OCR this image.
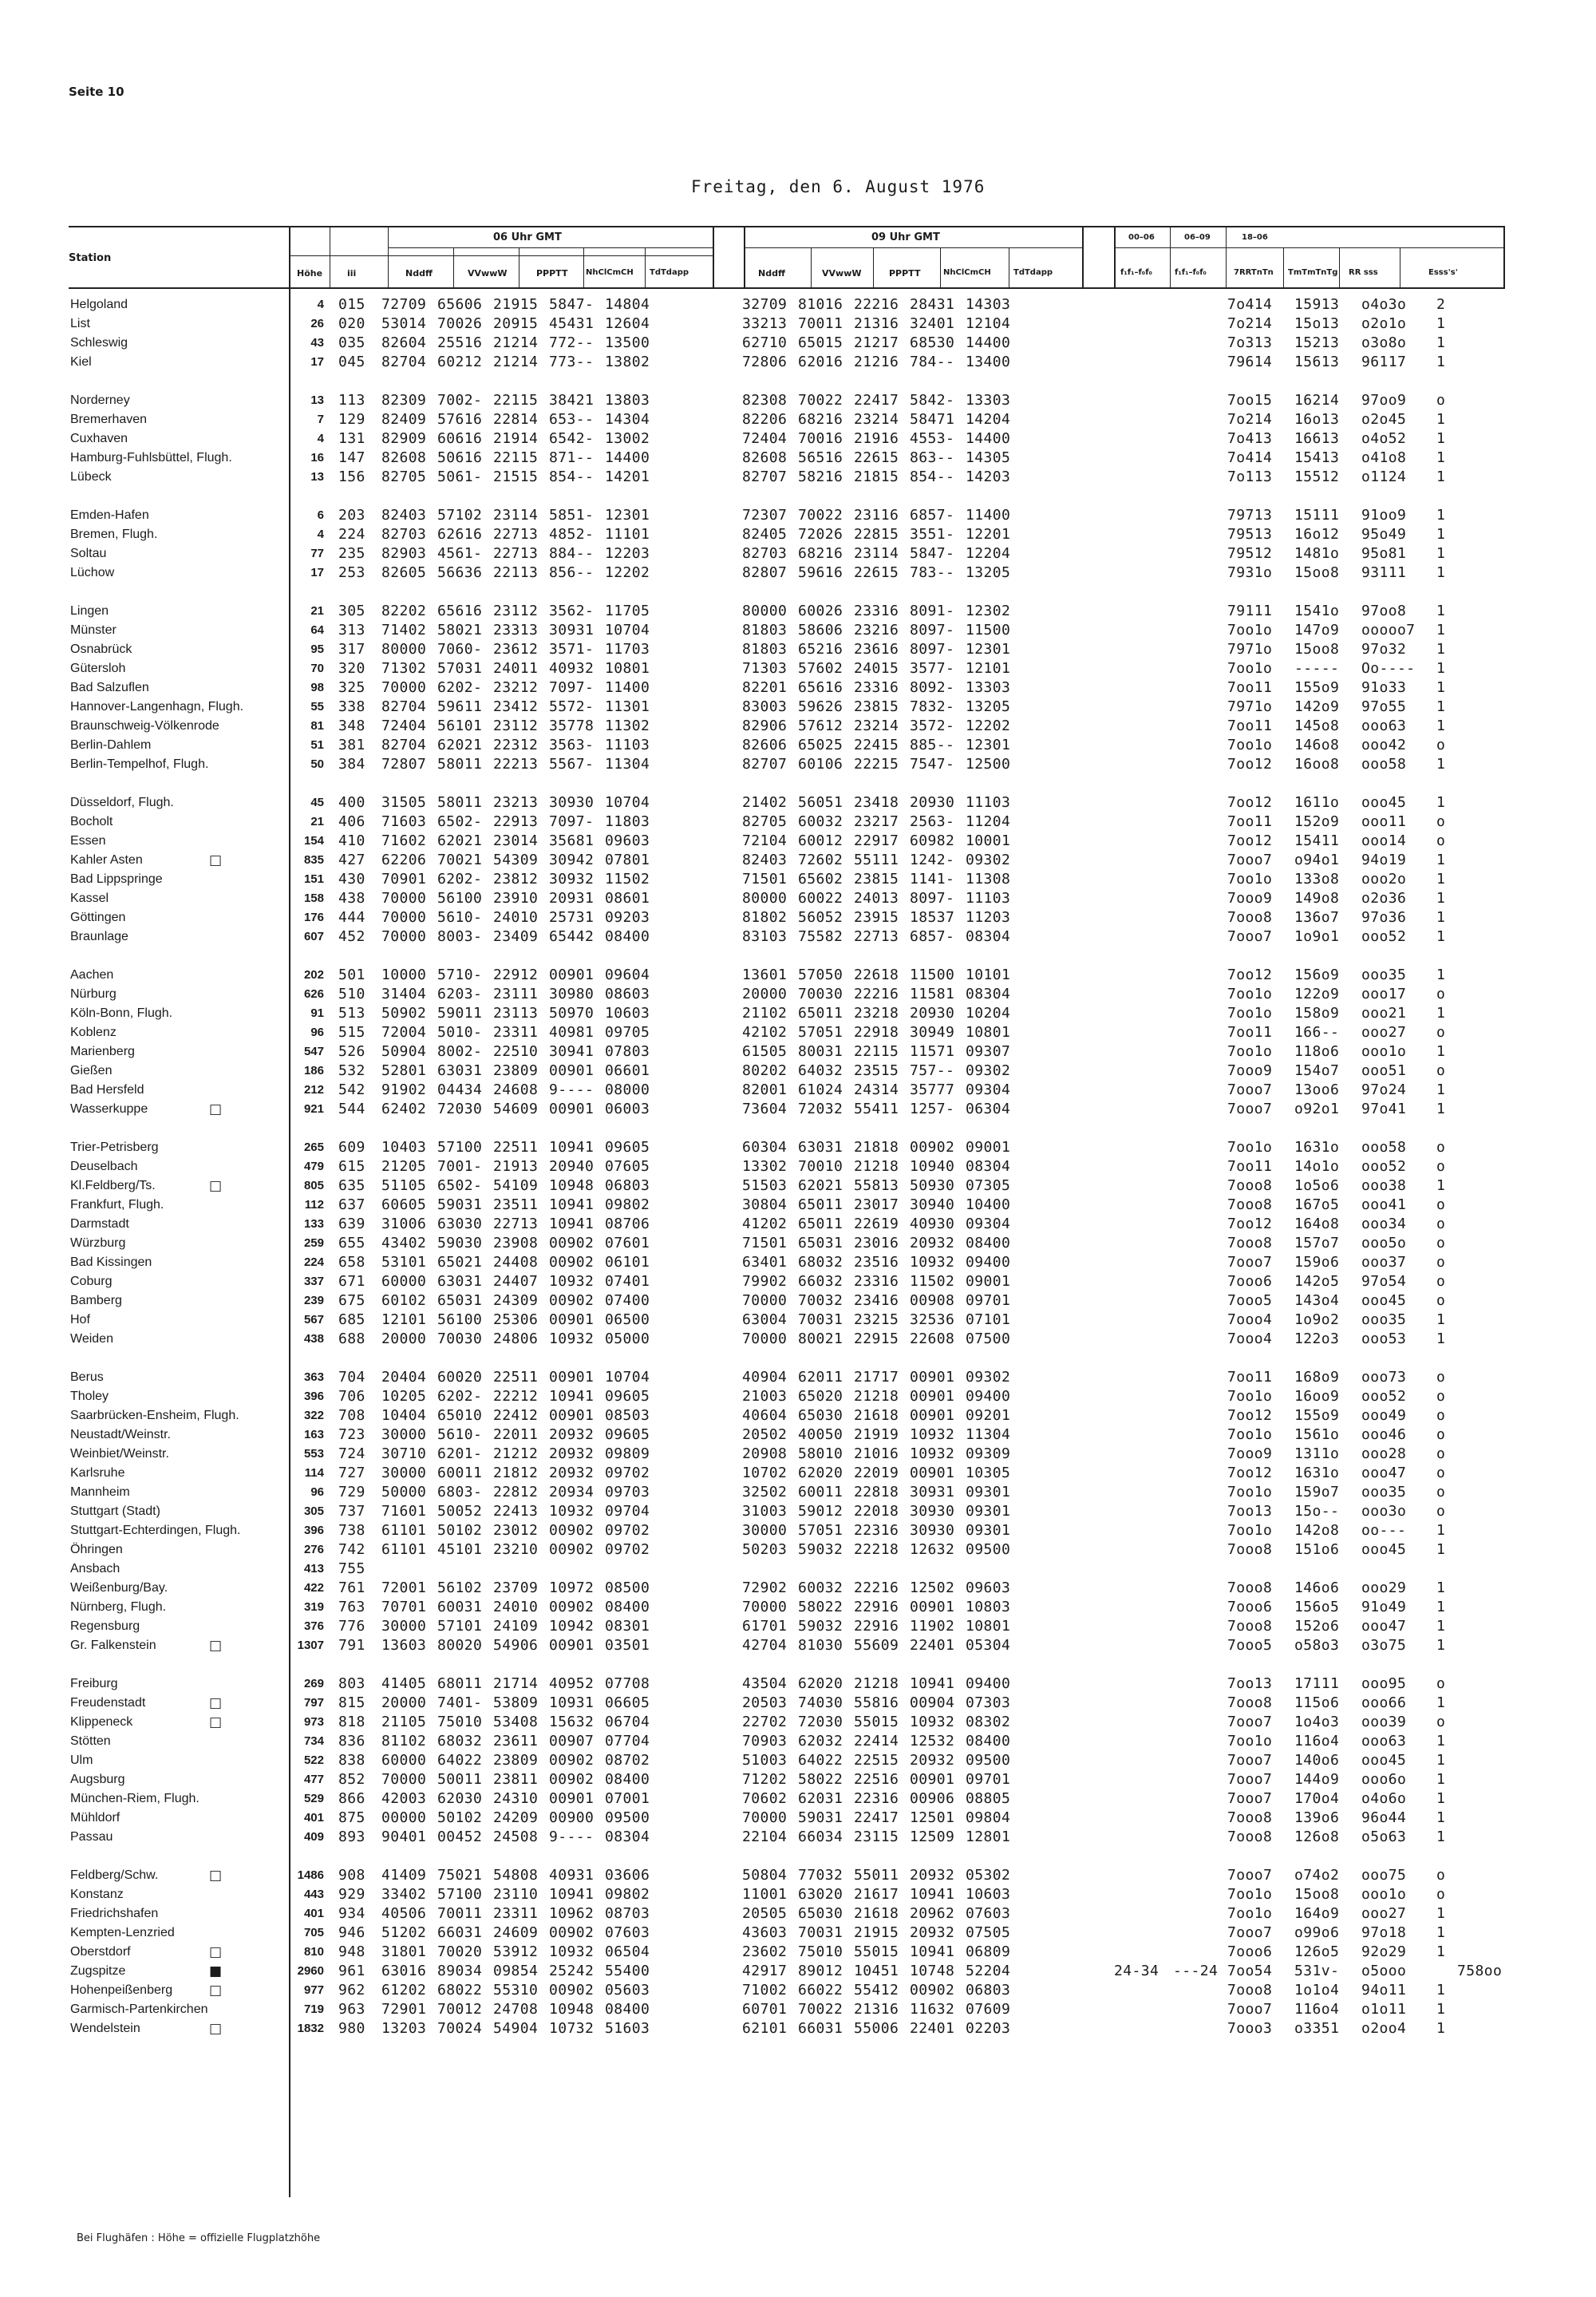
Seite 10
Freitag, den 6. August 1976
Station
Höhe	iii
06 Uhr GMT
Nddff	VVwwW	PPPTT NhClCmCH TdTdapp
09 Uhr GMT
Nddff	VVwwW	PPPTT	NhClCmCH	TdTdapp
00–06	06–09	18–06
f₁f₁–f₀f₀	f₁f₁–f₀f₀	7RRTnTn TmTmTnTg RR sss	Esss's'
Helgoland	4 015 72709 65606 21915 5847- 14804	32709 81016 22216 28431 14303	7o414 15913 o4o3o 2
List	26 020 53014 70026 20915 45431 12604	33213 70011 21316 32401 12104	7o214 15o13 o2o1o 1
Schleswig	43 035 82604 25516 21214 772-- 13500	62710 65015 21217 68530 14400	7o313 15213 o3o8o 1
Kiel	17 045 82704 60212 21214 773-- 13802	72806 62016 21216 784-- 13400	79614 15613 96117 1
Norderney	13 113 82309 7002- 22115 38421 13803	82308 70022 22417 5842- 13303	7oo15 16214 97oo9 o
Bremerhaven	7 129 82409 57616 22814 653-- 14304	82206 68216 23214 58471 14204	7o214 16o13 o2o45 1
Cuxhaven	4 131 82909 60616 21914 6542- 13002	72404 70016 21916 4553- 14400	7o413 16613 o4o52 1
Hamburg-Fuhlsbüttel, Flugh.	16 147 82608 50616 22115 871-- 14400	82608 56516 22615 863-- 14305	7o414 15413 o41o8 1
Lübeck	13 156 82705 5061- 21515 854-- 14201	82707 58216 21815 854-- 14203	7o113 15512 o1124 1
Emden-Hafen	6 203 82403 57102 23114 5851- 12301	72307 70022 23116 6857- 11400	79713 15111 91oo9 1
Bremen, Flugh.	4 224 82703 62616 22713 4852- 11101	82405 72026 22815 3551- 12201	79513 16o12 95o49 1
Soltau	77 235 82903 4561- 22713 884-- 12203	82703 68216 23114 5847- 12204	79512 1481o 95o81 1
Lüchow	17 253 82605 56636 22113 856-- 12202	82807 59616 22615 783-- 13205	7931o 15oo8 93111 1
Lingen	21 305 82202 65616 23112 3562- 11705	80000 60026 23316 8091- 12302	79111 1541o 97oo8 1
Münster	64 313 71402 58021 23313 30931 10704	81803 58606 23216 8097- 11500	7oo1o 147o9 ooooo7 1
Osnabrück	95 317 80000 7060- 23612 3571- 11703	81803 65216 23616 8097- 12301	7971o 15oo8 97o32 1
Gütersloh	70 320 71302 57031 24011 40932 10801	71303 57602 24015 3577- 12101	7oo1o ----- Oo---- 1
Bad Salzuflen	98 325 70000 6202- 23212 7097- 11400	82201 65616 23316 8092- 13303	7oo11 155o9 91o33 1
Hannover-Langenhagn, Flugh.	55 338 82704 59611 23412 5572- 11301	83003 59626 23815 7832- 13205	7971o 142o9 97o55 1
Braunschweig-Völkenrode	81 348 72404 56101 23112 35778 11302	82906 57612 23214 3572- 12202	7oo11 145o8 ooo63 1
Berlin-Dahlem	51 381 82704 62021 22312 3563- 11103	82606 65025 22415 885-- 12301	7oo1o 146o8 ooo42 o
Berlin-Tempelhof, Flugh.	50 384 72807 58011 22213 5567- 11304	82707 60106 22215 7547- 12500	7oo12 16oo8 ooo58 1
Düsseldorf, Flugh.	45 400 31505 58011 23213 30930 10704	21402 56051 23418 20930 11103	7oo12 1611o ooo45 1
Bocholt	21 406 71603 6502- 22913 7097- 11803	82705 60032 23217 2563- 11204	7oo11 152o9 ooo11 o
Essen	154 410 71602 62021 23014 35681 09603	72104 60012 22917 60982 10001	7oo12 15411 ooo14 o
Kahler Asten	□	835 427 62206 70021 54309 30942 07801	82403 72602 55111 1242- 09302	7ooo7 o94o1 94o19 1
Bad Lippspringe	151 430 70901 6202- 23812 30932 11502	71501 65602 23815 1141- 11308	7oo1o 133o8 ooo2o 1
Kassel	158 438 70000 56100 23910 20931 08601	80000 60022 24013 8097- 11103	7ooo9 149o8 o2o36 1
Göttingen	176 444 70000 5610- 24010 25731 09203	81802 56052 23915 18537 11203	7ooo8 136o7 97o36 1
Braunlage	607 452 70000 8003- 23409 65442 08400	83103 75582 22713 6857- 08304	7ooo7 1o9o1 ooo52 1
Aachen	202 501 10000 5710- 22912 00901 09604	13601 57050 22618 11500 10101	7oo12 156o9 ooo35 1
Nürburg	626 510 31404 6203- 23111 30980 08603	20000 70030 22216 11581 08304	7oo1o 122o9 ooo17 o
Köln-Bonn, Flugh.	91 513 50902 59011 23113 50970 10603	21102 65011 23218 20930 10204	7oo1o 158o9 ooo21 1
Koblenz	96 515 72004 5010- 23311 40981 09705	42102 57051 22918 30949 10801	7oo11 166-- ooo27 o
Marienberg	547 526 50904 8002- 22510 30941 07803	61505 80031 22115 11571 09307	7oo1o 118o6 ooo1o 1
Gießen	186 532 52801 63031 23809 00901 06601	80202 64032 23515 757-- 09302	7ooo9 154o7 ooo51 o
Bad Hersfeld	212 542 91902 04434 24608 9---- 08000	82001 61024 24314 35777 09304	7ooo7 13oo6 97o24 1
Wasserkuppe	□	921 544 62402 72030 54609 00901 06003	73604 72032 55411 1257- 06304	7ooo7 o92o1 97o41 1
Trier-Petrisberg	265 609 10403 57100 22511 10941 09605	60304 63031 21818 00902 09001	7oo1o 1631o ooo58 o
Deuselbach	479 615 21205 7001- 21913 20940 07605	13302 70010 21218 10940 08304	7oo11 14o1o ooo52 o
Kl.Feldberg/Ts.	□	805 635 51105 6502- 54109 10948 06803	51503 62021 55813 50930 07305	7ooo8 1o5o6 ooo38 1
Frankfurt, Flugh.	112 637 60605 59031 23511 10941 09802	30804 65011 23017 30940 10400	7ooo8 167o5 ooo41 o
Darmstadt	133 639 31006 63030 22713 10941 08706	41202 65011 22619 40930 09304	7oo12 164o8 ooo34 o
Würzburg	259 655 43402 59030 23908 00902 07601	71501 65031 23016 20932 08400	7ooo8 157o7 ooo5o o
Bad Kissingen	224 658 53101 65021 24408 00902 06101	63401 68032 23516 10932 09400	7ooo7 159o6 ooo37 o
Coburg	337 671 60000 63031 24407 10932 07401	79902 66032 23316 11502 09001	7ooo6 142o5 97o54 o
Bamberg	239 675 60102 65031 24309 00902 07400	70000 70032 23416 00908 09701	7ooo5 143o4 ooo45 o
Hof	567 685 12101 56100 25306 00901 06500	63004 70031 23215 32536 07101	7ooo4 1o9o2 ooo35 1
Weiden	438 688 20000 70030 24806 10932 05000	70000 80021 22915 22608 07500	7ooo4 122o3 ooo53 1
Berus	363 704 20404 60020 22511 00901 10704	40904 62011 21717 00901 09302	7oo11 168o9 ooo73 o
Tholey	396 706 10205 6202- 22212 10941 09605	21003 65020 21218 00901 09400	7oo1o 16oo9 ooo52 o
Saarbrücken-Ensheim, Flugh.	322 708 10404 65010 22412 00901 08503	40604 65030 21618 00901 09201	7oo12 155o9 ooo49 o
Neustadt/Weinstr.	163 723 30000 5610- 22011 20932 09605	20502 40050 21919 10932 11304	7oo1o 1561o ooo46 o
Weinbiet/Weinstr.	553 724 30710 6201- 21212 20932 09809	20908 58010 21016 10932 09309	7ooo9 1311o ooo28 o
Karlsruhe	114 727 30000 60011 21812 20932 09702	10702 62020 22019 00901 10305	7oo12 1631o ooo47 o
Mannheim	96 729 50000 6803- 22812 20934 09703	32502 60011 22818 30931 09301	7oo1o 159o7 ooo35 o
Stuttgart (Stadt)	305 737 71601 50052 22413 10932 09704	31003 59012 22018 30930 09301	7oo13 15o-- ooo3o o
Stuttgart-Echterdingen, Flugh.	396 738 61101 50102 23012 00902 09702	30000 57051 22316 30930 09301	7oo1o 142o8 oo--- 1
Öhringen	276 742 61101 45101 23210 00902 09702	50203 59032 22218 12632 09500	7ooo8 151o6 ooo45 1
Ansbach	413 755
Weißenburg/Bay.	422 761 72001 56102 23709 10972 08500	72902 60032 22216 12502 09603	7ooo8 146o6 ooo29 1
Nürnberg, Flugh.	319 763 70701 60031 24010 00902 08400	70000 58022 22916 00901 10803	7ooo6 156o5 91o49 1
Regensburg	376 776 30000 57101 24109 10942 08301	61701 59032 22916 11902 10801	7ooo8 152o6 ooo47 1
Gr. Falkenstein	□	1307 791 13603 80020 54906 00901 03501	42704 81030 55609 22401 05304	7ooo5 o58o3 o3o75 1
Freiburg	269 803 41405 68011 21714 40952 07708	43504 62020 21218 10941 09400	7oo13 17111 ooo95 o
Freudenstadt	□	797 815 20000 7401- 53809 10931 06605	20503 74030 55816 00904 07303	7ooo8 115o6 ooo66 1
Klippeneck	□	973 818 21105 75010 53408 15632 06704	22702 72030 55015 10932 08302	7ooo7 1o4o3 ooo39 o
Stötten	734 836 81102 68032 23611 00907 07704	70903 62032 22414 12532 08400	7oo1o 116o4 ooo63 1
Ulm	522 838 60000 64022 23809 00902 08702	51003 64022 22515 20932 09500	7ooo7 140o6 ooo45 1
Augsburg	477 852 70000 50011 23811 00902 08400	71202 58022 22516 00901 09701	7ooo7 144o9 ooo6o 1
München-Riem, Flugh.	529 866 42003 62030 24310 00901 07001	70602 62031 22316 00906 08805	7ooo7 170o4 o4o6o 1
Mühldorf	401 875 00000 50102 24209 00900 09500	70000 59031 22417 12501 09804	7ooo8 139o6 96o44 1
Passau	409 893 90401 00452 24508 9---- 08304	22104 66034 23115 12509 12801	7ooo8 126o8 o5o63 1
Feldberg/Schw.	□	1486 908 41409 75021 54808 40931 03606	50804 77032 55011 20932 05302	7ooo7 o74o2 ooo75 o
Konstanz	443 929 33402 57100 23110 10941 09802	11001 63020 21617 10941 10603	7oo1o 15oo8 ooo1o o
Friedrichshafen	401 934 40506 70011 23311 10962 08703	20505 65030 21618 20962 07603	7oo1o 164o9 ooo27 1
Kempten-Lenzried	705 946 51202 66031 24609 00902 07603	43603 70031 21915 20932 07505	7ooo7 o99o6 97o18 1
Oberstdorf	□	810 948 31801 70020 53912 10932 06504	23602 75010 55015 10941 06809	7ooo6 126o5 92o29 1
Zugspitze	■	2960 961 63016 89034 09854 25242 55400	42917 89012 10451 10748 52204	24-34 ---24 7oo54 531v- o5ooo	758oo
Hohenpeißenberg	□	977 962 61202 68022 55310 00902 05603	71002 66022 55412 00902 06803	7ooo8 1o1o4 94o11 1
Garmisch-Partenkirchen	719 963 72901 70012 24708 10948 08400	60701 70022 21316 11632 07609	7ooo7 116o4 o1o11 1
Wendelstein	□	1832 980 13203 70024 54904 10732 51603	62101 66031 55006 22401 02203	7ooo3 o3351 o2oo4 1
Bei Flughäfen : Höhe = offizielle Flugplatzhöhe
